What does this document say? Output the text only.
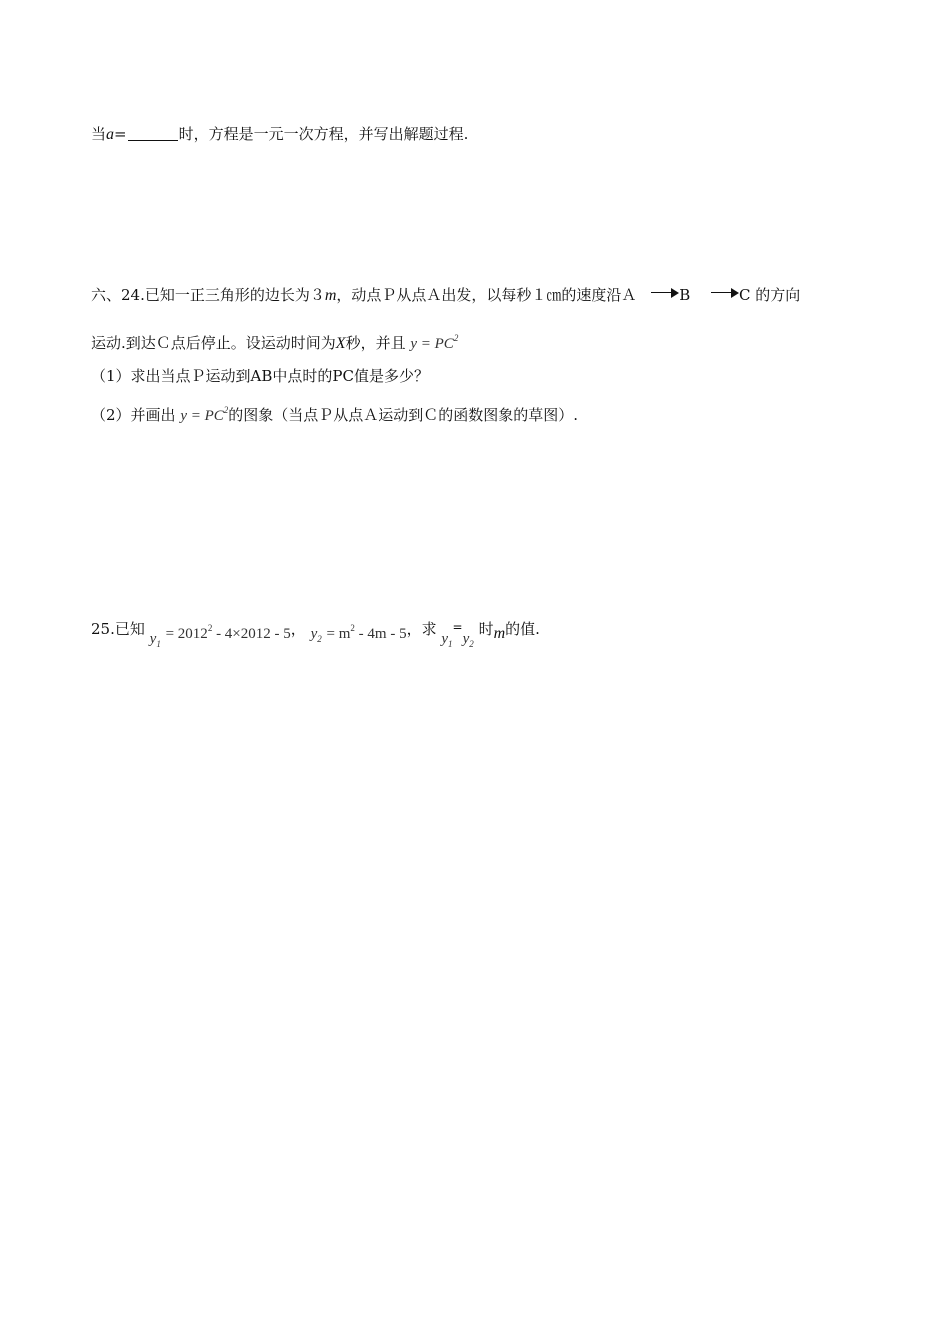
当a=	时，方程是一元一次方程，并写出解题过程.
六、24.已知一正三角形的边长为３m，动点Ｐ从点Ａ出发，以每秒１㎝的速度沿Ａ	B	C 的方向
运动.到达Ｃ点后停止。设运动时间为X秒，并且 $y = PC^2$
（1）求出当点Ｐ运动到AB中点时的PC值是多少？
（2）并画出 $y = PC^2$的图象（当点Ｐ从点Ａ运动到Ｃ的函数图象的草图）.
25.已知 $y_1 = 2012^2 - 4\times 2012 - 5$， $y_2 = m^2 - 4m - 5$，求 $y_1^=y_2$ 时m的值.
